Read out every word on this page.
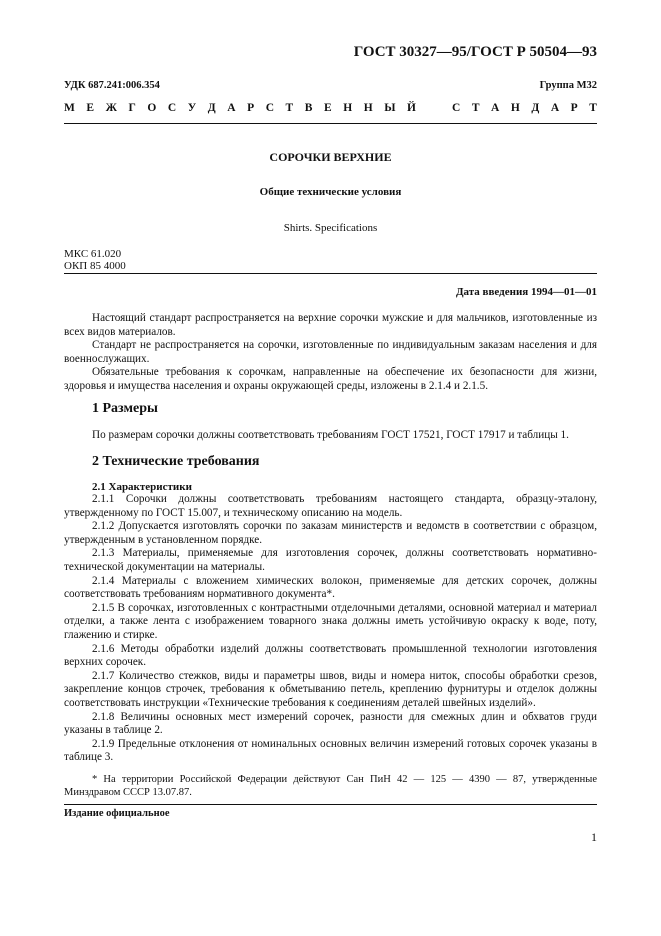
ГОСТ 30327—95/ГОСТ Р 50504—93
УДК 687.241:006.354	Группа М32
М Е Ж Г О С У Д А Р С Т В Е Н Н Ы Й	С Т А Н Д А Р Т
СОРОЧКИ ВЕРХНИЕ
Общие технические условия
Shirts. Specifications
МКС 61.020
ОКП 85 4000
Дата введения 1994—01—01

Настоящий стандарт распространяется на верхние сорочки мужские и для мальчиков, изготовленные из всех видов материалов.

Стандарт не распространяется на сорочки, изготовленные по индивидуальным заказам населения и для военнослужащих.

Обязательные требования к сорочкам, направленные на обеспечение их безопасности для жизни, здоровья и имущества населения и охраны окружающей среды, изложены в 2.1.4 и 2.1.5.

1 Размеры

По размерам сорочки должны соответствовать требованиям ГОСТ 17521, ГОСТ 17917 и таблицы 1.

2 Технические требования
2.1 Характеристики

2.1.1 Сорочки должны соответствовать требованиям настоящего стандарта, образцу-эталону, утвержденному по ГОСТ 15.007, и техническому описанию на модель.

2.1.2 Допускается изготовлять сорочки по заказам министерств и ведомств в соответствии с образцом, утвержденным в установленном порядке.

2.1.3 Материалы, применяемые для изготовления сорочек, должны соответствовать нормативно-технической документации на материалы.

2.1.4 Материалы с вложением химических волокон, применяемые для детских сорочек, должны соответствовать требованиям нормативного документа*.

2.1.5 В сорочках, изготовленных с контрастными отделочными деталями, основной материал и материал отделки, а также лента с изображением товарного знака должны иметь устойчивую окраску к воде, поту, глажению и стирке.

2.1.6 Методы обработки изделий должны соответствовать промышленной технологии изготовления верхних сорочек.

2.1.7 Количество стежков, виды и параметры швов, виды и номера ниток, способы обработки срезов, закрепление концов строчек, требования к обметыванию петель, креплению фурнитуры и отделок должны соответствовать инструкции «Технические требования к соединениям деталей швейных изделий».

2.1.8 Величины основных мест измерений сорочек, разности для смежных длин и обхватов груди указаны в таблице 2.

2.1.9 Предельные отклонения от номинальных основных величин измерений готовых сорочек указаны в таблице 3.

* На территории Российской Федерации действуют Сан ПиН 42 — 125 — 4390 — 87, утвержденные Минздравом СССР 13.07.87.

Издание официальное
1
